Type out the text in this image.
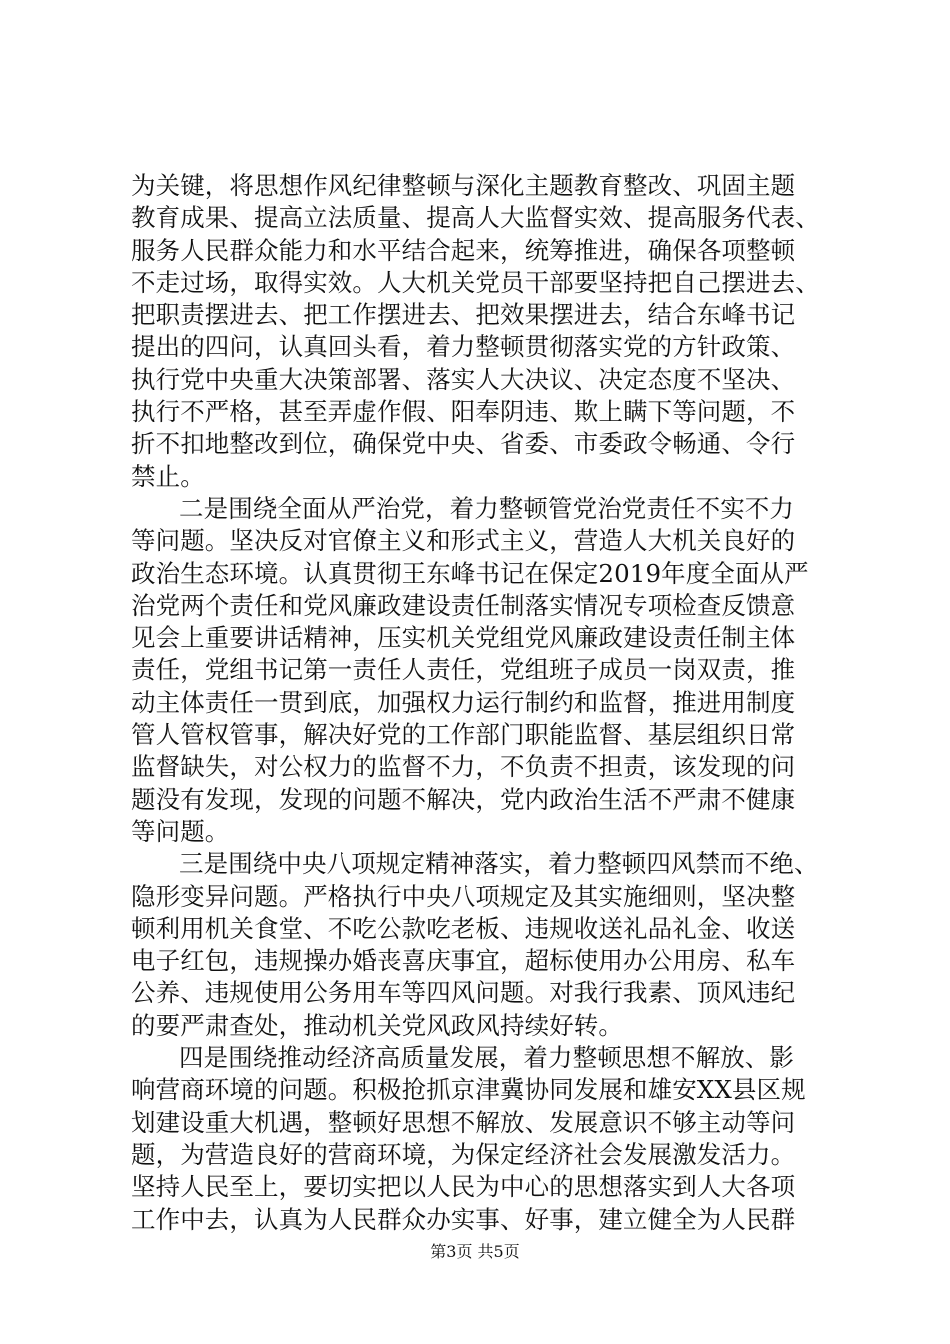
为关键，将思想作风纪律整顿与深化主题教育整改、巩固主题
教育成果、提高立法质量、提高人大监督实效、提高服务代表、
服务人民群众能力和水平结合起来，统筹推进，确保各项整顿
不走过场，取得实效。人大机关党员干部要坚持把自己摆进去、
把职责摆进去、把工作摆进去、把效果摆进去，结合东峰书记
提出的四问，认真回头看，着力整顿贯彻落实党的方针政策、
执行党中央重大决策部署、落实人大决议、决定态度不坚决、
执行不严格，甚至弄虚作假、阳奉阴违、欺上瞒下等问题，不
折不扣地整改到位，确保党中央、省委、市委政令畅通、令行
禁止。
二是围绕全面从严治党，着力整顿管党治党责任不实不力
等问题。坚决反对官僚主义和形式主义，营造人大机关良好的
政治生态环境。认真贯彻王东峰书记在保定2019年度全面从严
治党两个责任和党风廉政建设责任制落实情况专项检查反馈意
见会上重要讲话精神，压实机关党组党风廉政建设责任制主体
责任，党组书记第一责任人责任，党组班子成员一岗双责，推
动主体责任一贯到底，加强权力运行制约和监督，推进用制度
管人管权管事，解决好党的工作部门职能监督、基层组织日常
监督缺失，对公权力的监督不力，不负责不担责，该发现的问
题没有发现，发现的问题不解决，党内政治生活不严肃不健康
等问题。
三是围绕中央八项规定精神落实，着力整顿四风禁而不绝、
隐形变异问题。严格执行中央八项规定及其实施细则，坚决整
顿利用机关食堂、不吃公款吃老板、违规收送礼品礼金、收送
电子红包，违规操办婚丧喜庆事宜，超标使用办公用房、私车
公养、违规使用公务用车等四风问题。对我行我素、顶风违纪
的要严肃查处，推动机关党风政风持续好转。
四是围绕推动经济高质量发展，着力整顿思想不解放、影
响营商环境的问题。积极抢抓京津冀协同发展和雄安XX县区规
划建设重大机遇，整顿好思想不解放、发展意识不够主动等问
题，为营造良好的营商环境，为保定经济社会发展激发活力。
坚持人民至上，要切实把以人民为中心的思想落实到人大各项
工作中去，认真为人民群众办实事、好事，建立健全为人民群
第3页 共5页
